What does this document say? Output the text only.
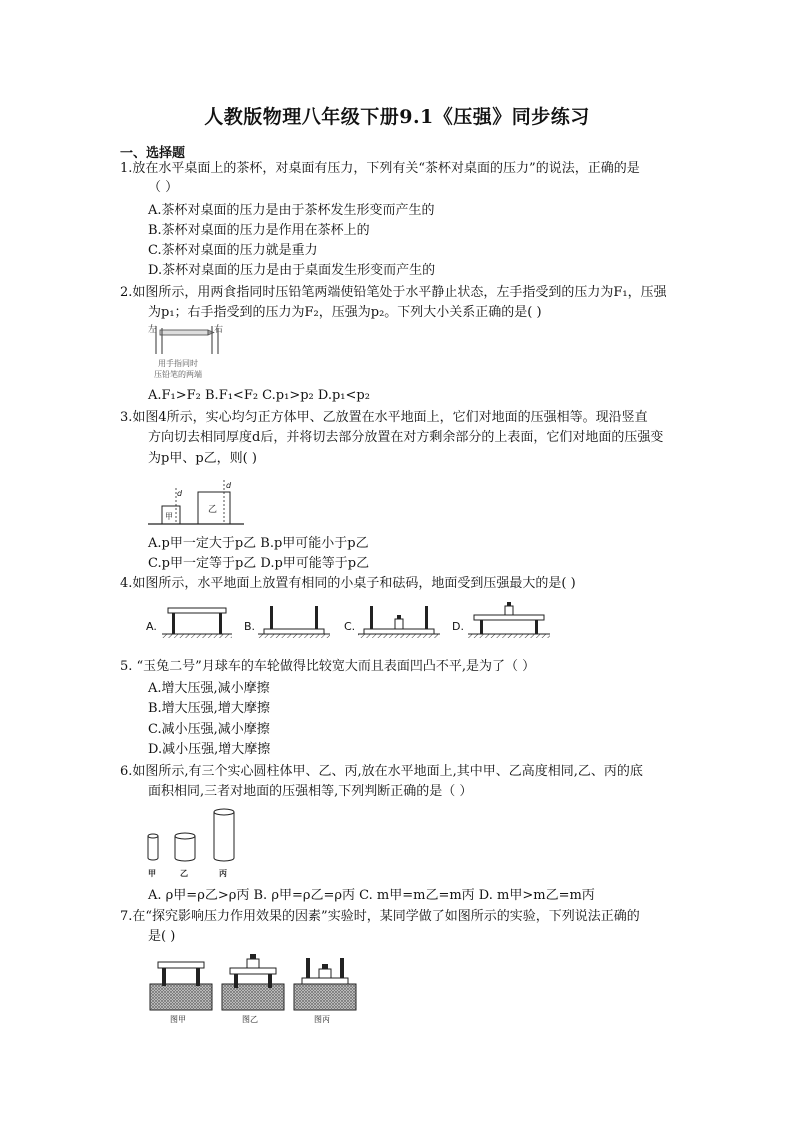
人教版物理八年级下册9.1《压强》同步练习
一、选择题
1.放在水平桌面上的茶杯，对桌面有压力，下列有关“茶杯对桌面的压力”的说法，正确的是
（ ）
A.茶杯对桌面的压力是由于茶杯发生形变而产生的
B.茶杯对桌面的压力是作用在茶杯上的
C.茶杯对桌面的压力就是重力
D.茶杯对桌面的压力是由于桌面发生形变而产生的
2.如图所示，用两食指同时压铅笔两端使铅笔处于水平静止状态，左手指受到的压力为F₁，压强
为p₁；右手指受到的压力为F₂，压强为p₂。下列大小关系正确的是( )
左	右
用手指同时
压铅笔的两端
A.F₁>F₂ B.F₁<F₂ C.p₁>p₂ D.p₁<p₂
3.如图4所示，实心均匀正方体甲、乙放置在水平地面上，它们对地面的压强相等。现沿竖直
方向切去相同厚度d后，并将切去部分放置在对方剩余部分的上表面，它们对地面的压强变
为p甲、p乙，则( )
d
甲
d
乙
A.p甲一定大于p乙 B.p甲可能小于p乙
C.p甲一定等于p乙 D.p甲可能等于p乙
4.如图所示，水平地面上放置有相同的小桌子和砝码，地面受到压强最大的是( )
A.	B.	C.	D.
5. “玉兔二号”月球车的车轮做得比较宽大而且表面凹凸不平,是为了（ ）
A.增大压强,减小摩擦
B.增大压强,增大摩擦
C.减小压强,减小摩擦
D.减小压强,增大摩擦
6.如图所示,有三个实心圆柱体甲、乙、丙,放在水平地面上,其中甲、乙高度相同,乙、丙的底
面积相同,三者对地面的压强相等,下列判断正确的是（ ）
甲	乙	丙
A. ρ甲=ρ乙>ρ丙 B. ρ甲=ρ乙=ρ丙 C. m甲=m乙=m丙 D. m甲>m乙=m丙
7.在“探究影响压力作用效果的因素”实验时，某同学做了如图所示的实验，下列说法正确的
是( )
图甲	图乙	图丙
